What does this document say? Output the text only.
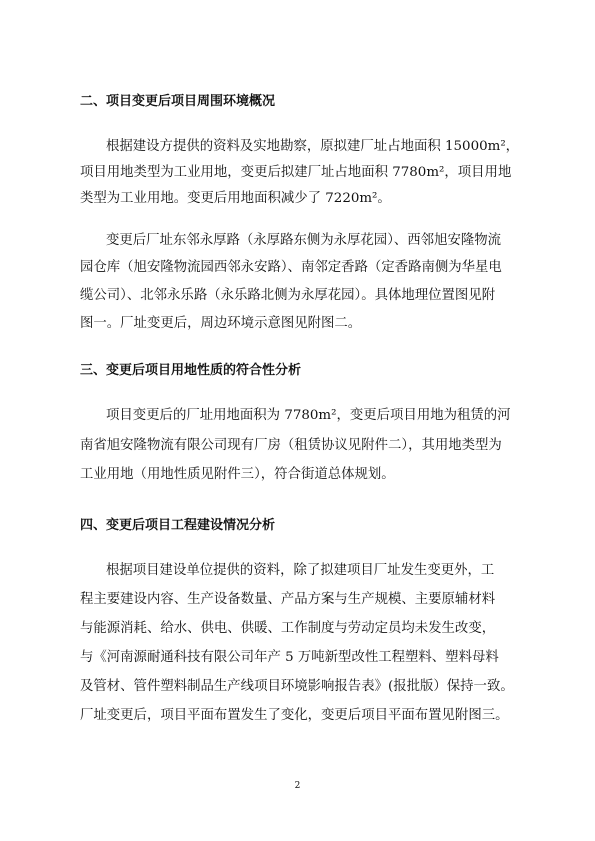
二、项目变更后项目周围环境概况
根据建设方提供的资料及实地勘察，原拟建厂址占地面积 15000m²，
项目用地类型为工业用地，变更后拟建厂址占地面积 7780m²，项目用地
类型为工业用地。变更后用地面积减少了 7220m²。
变更后厂址东邻永厚路（永厚路东侧为永厚花园）、西邻旭安隆物流
园仓库（旭安隆物流园西邻永安路）、南邻定香路（定香路南侧为华星电
缆公司）、北邻永乐路（永乐路北侧为永厚花园）。具体地理位置图见附
图一。厂址变更后，周边环境示意图见附图二。
三、变更后项目用地性质的符合性分析
项目变更后的厂址用地面积为 7780m²，变更后项目用地为租赁的河
南省旭安隆物流有限公司现有厂房（租赁协议见附件二），其用地类型为
工业用地（用地性质见附件三），符合街道总体规划。
四、变更后项目工程建设情况分析
根据项目建设单位提供的资料，除了拟建项目厂址发生变更外，工
程主要建设内容、生产设备数量、产品方案与生产规模、主要原辅材料
与能源消耗、给水、供电、供暖、工作制度与劳动定员均未发生改变，
与《河南源耐通科技有限公司年产 5 万吨新型改性工程塑料、塑料母料
及管材、管件塑料制品生产线项目环境影响报告表》(报批版）保持一致。
厂址变更后，项目平面布置发生了变化，变更后项目平面布置见附图三。
2
